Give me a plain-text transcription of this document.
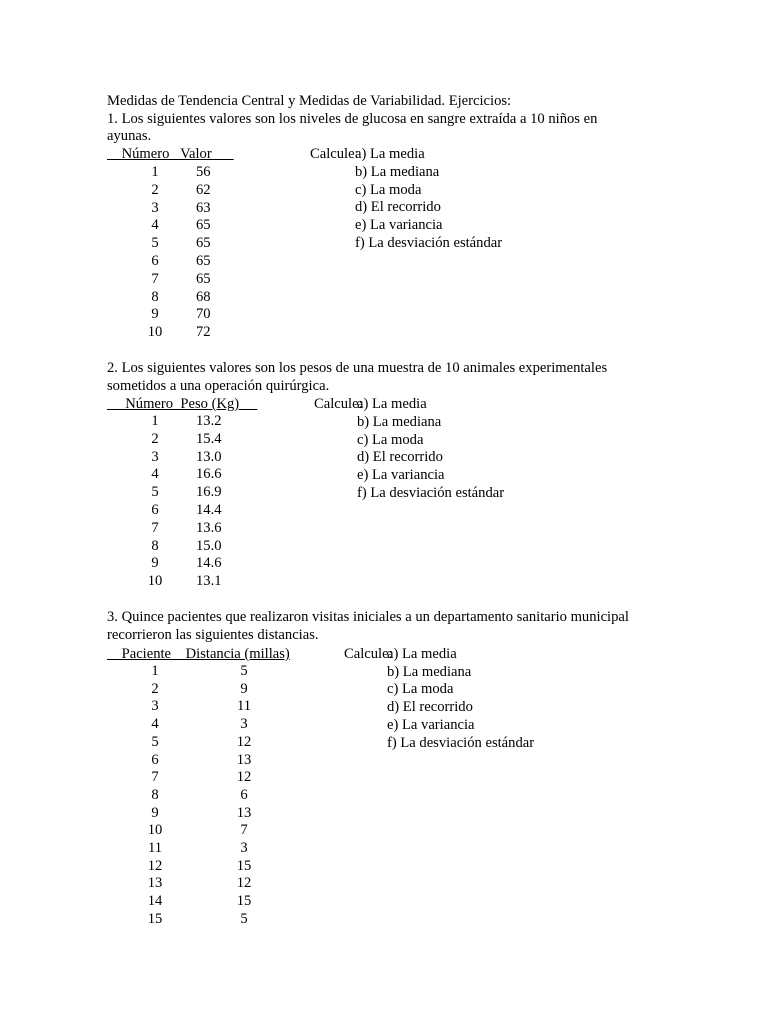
Medidas de Tendencia Central y Medidas de Variabilidad. Ejercicios:
1. Los siguientes valores son los niveles de glucosa en sangre extraída a 10 niños en
ayunas.
Número   Valor	Calcule:
1	56
2	62
3	63
4	65
5	65
6	65
7	65
8	68
9	70
10	72
a) La media
b) La mediana
c) La moda
d) El recorrido
e) La variancia
f) La desviación estándar
2. Los siguientes valores son los pesos de una muestra de 10 animales experimentales
sometidos a una operación quirúrgica.
Número  Peso (Kg)	Calcule:
1	13.2
2	15.4
3	13.0
4	16.6
5	16.9
6	14.4
7	13.6
8	15.0
9	14.6
10	13.1
a) La media
b) La mediana
c) La moda
d) El recorrido
e) La variancia
f) La desviación estándar
3. Quince pacientes que realizaron visitas iniciales a un departamento sanitario municipal
recorrieron las siguientes distancias.
Paciente    Distancia (millas)	Calcule:
1	5
2	9
3	11
4	3
5	12
6	13
7	12
8	6
9	13
10	7
11	3
12	15
13	12
14	15
15	5
a) La media
b) La mediana
c) La moda
d) El recorrido
e) La variancia
f) La desviación estándar
